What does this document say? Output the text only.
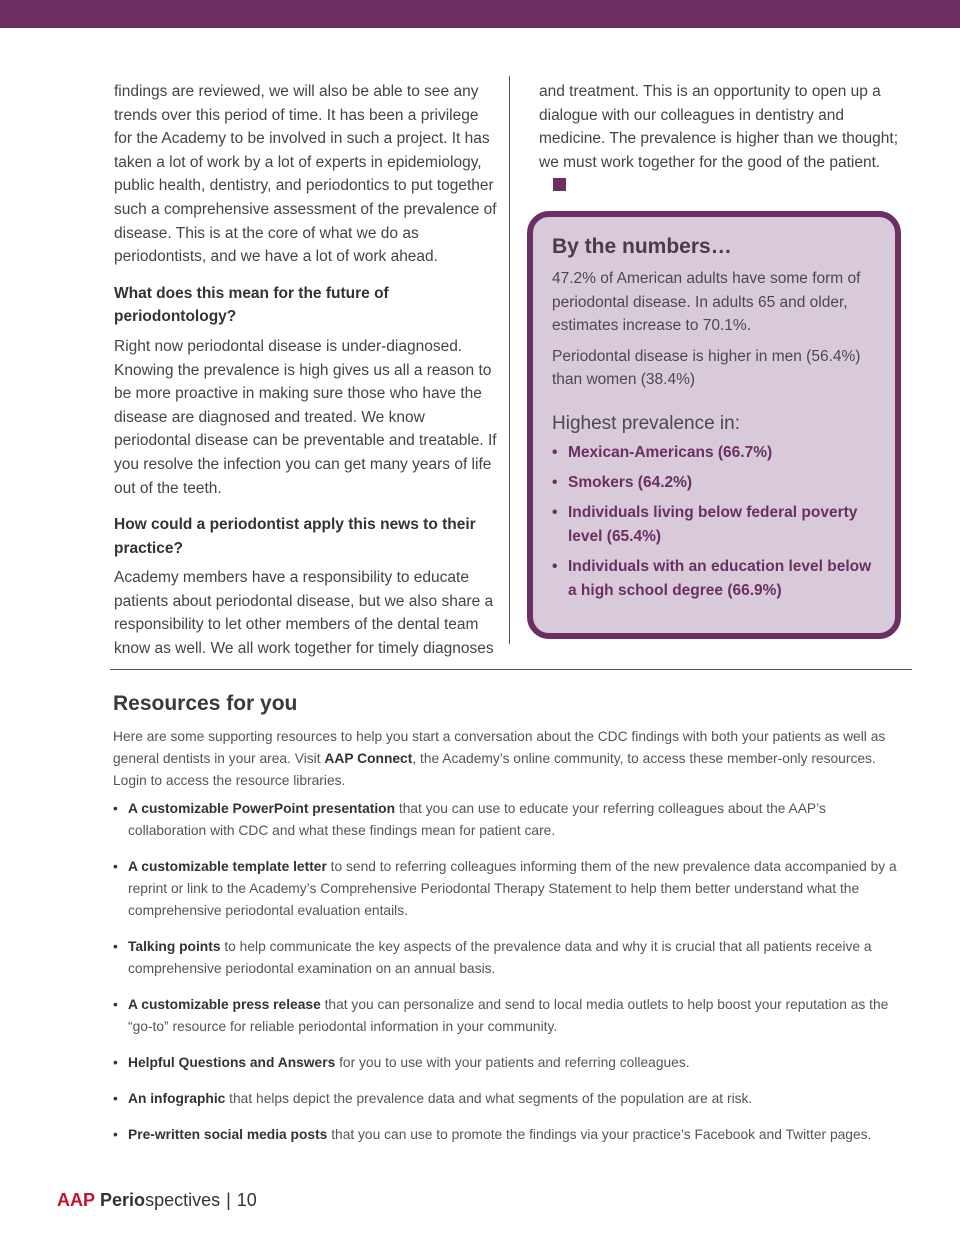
findings are reviewed, we will also be able to see any trends over this period of time. It has been a privilege for the Academy to be involved in such a project. It has taken a lot of work by a lot of experts in epidemiology, public health, dentistry, and periodontics to put together such a comprehensive assessment of the prevalence of disease. This is at the core of what we do as periodontists, and we have a lot of work ahead.

What does this mean for the future of periodontology?

Right now periodontal disease is under-diagnosed. Knowing the prevalence is high gives us all a reason to be more proactive in making sure those who have the disease are diagnosed and treated. We know periodontal disease can be preventable and treatable. If you resolve the infection you can get many years of life out of the teeth.

How could a periodontist apply this news to their practice?

Academy members have a responsibility to educate patients about periodontal disease, but we also share a responsibility to let other members of the dental team know as well. We all work together for timely diagnoses

and treatment. This is an opportunity to open up a dialogue with our colleagues in dentistry and medicine. The prevalence is higher than we thought; we must work together for the good of the patient.

By the numbers…

47.2% of American adults have some form of periodontal disease. In adults 65 and older, estimates increase to 70.1%.

Periodontal disease is higher in men (56.4%) than women (38.4%)

Highest prevalence in:
• Mexican-Americans (66.7%)
• Smokers (64.2%)
• Individuals living below federal poverty level (65.4%)
• Individuals with an education level below a high school degree (66.9%)
Resources for you

Here are some supporting resources to help you start a conversation about the CDC findings with both your patients as well as general dentists in your area. Visit AAP Connect, the Academy’s online community, to access these member-only resources. Login to access the resource libraries.

• A customizable PowerPoint presentation that you can use to educate your referring colleagues about the AAP’s collaboration with CDC and what these findings mean for patient care.
• A customizable template letter to send to referring colleagues informing them of the new prevalence data accompanied by a reprint or link to the Academy’s Comprehensive Periodontal Therapy Statement to help them better understand what the comprehensive periodontal evaluation entails.
• Talking points to help communicate the key aspects of the prevalence data and why it is crucial that all patients receive a comprehensive periodontal examination on an annual basis.
• A customizable press release that you can personalize and send to local media outlets to help boost your reputation as the “go-to” resource for reliable periodontal information in your community.
• Helpful Questions and Answers for you to use with your patients and referring colleagues.
• An infographic that helps depict the prevalence data and what segments of the population are at risk.
• Pre-written social media posts that you can use to promote the findings via your practice’s Facebook and Twitter pages.
AAP Periospectives | 10
